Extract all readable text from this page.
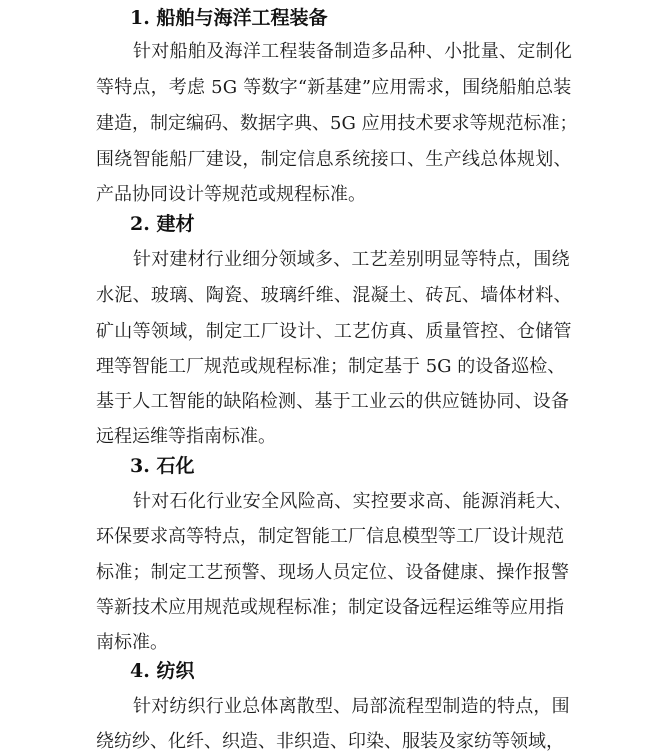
1. 船舶与海洋工程装备
针对船舶及海洋工程装备制造多品种、小批量、定制化
等特点，考虑 5G 等数字“新基建”应用需求，围绕船舶总装
建造，制定编码、数据字典、5G 应用技术要求等规范标准；
围绕智能船厂建设，制定信息系统接口、生产线总体规划、
产品协同设计等规范或规程标准。
2. 建材
针对建材行业细分领域多、工艺差别明显等特点，围绕
水泥、玻璃、陶瓷、玻璃纤维、混凝土、砖瓦、墙体材料、
矿山等领域，制定工厂设计、工艺仿真、质量管控、仓储管
理等智能工厂规范或规程标准；制定基于 5G 的设备巡检、
基于人工智能的缺陷检测、基于工业云的供应链协同、设备
远程运维等指南标准。
3. 石化
针对石化行业安全风险高、实控要求高、能源消耗大、
环保要求高等特点，制定智能工厂信息模型等工厂设计规范
标准；制定工艺预警、现场人员定位、设备健康、操作报警
等新技术应用规范或规程标准；制定设备远程运维等应用指
南标准。
4. 纺织
针对纺织行业总体离散型、局部流程型制造的特点，围
绕纺纱、化纤、织造、非织造、印染、服装及家纺等领域，
